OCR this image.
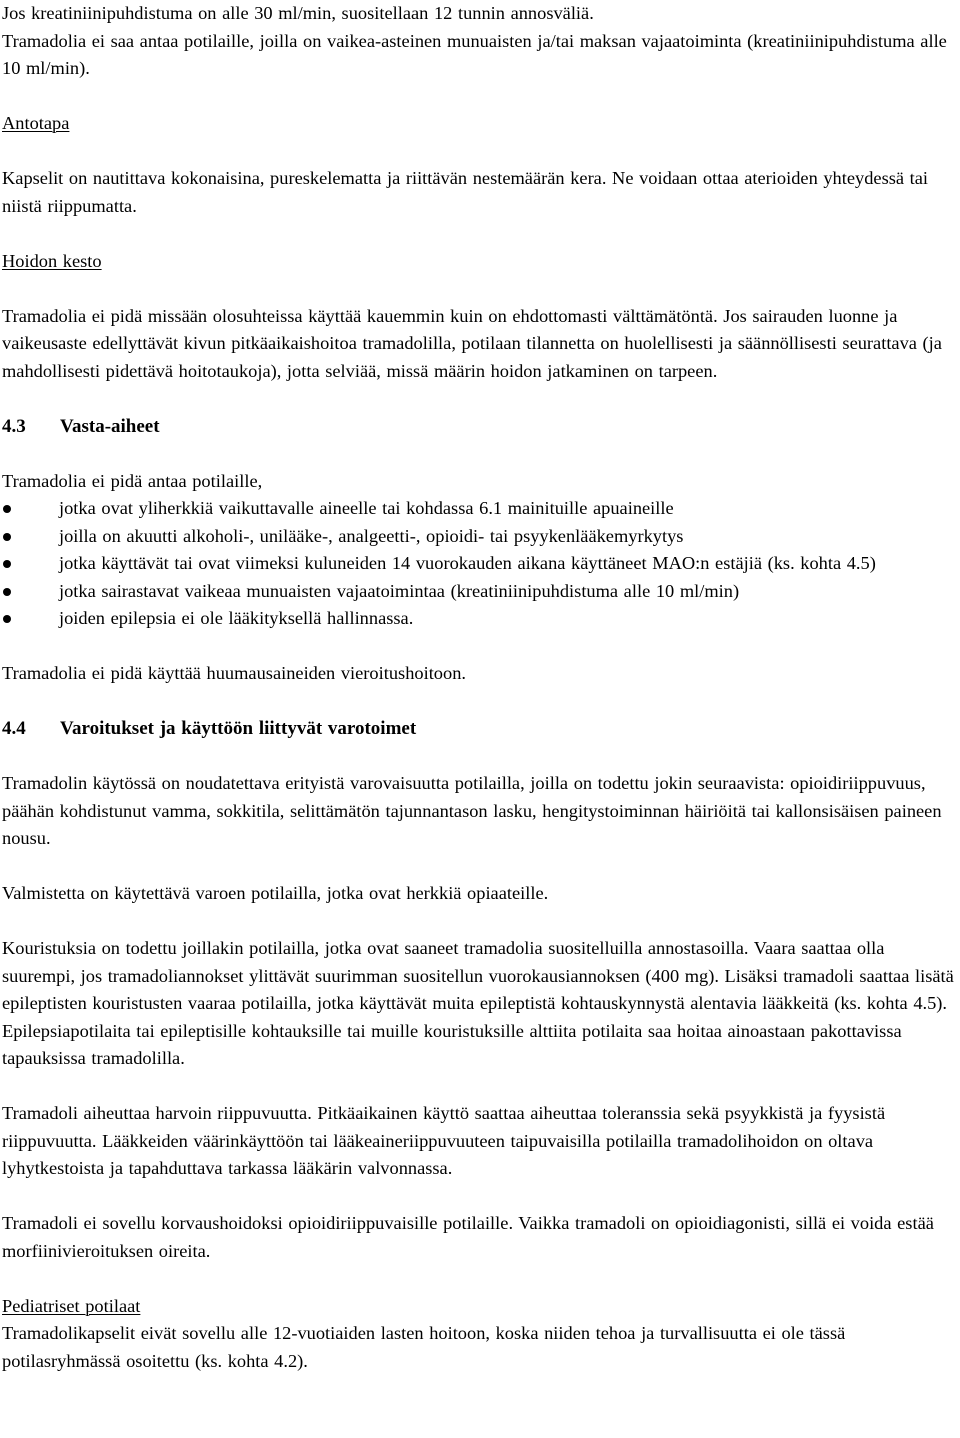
Jos kreatiniinipuhdistuma on alle 30 ml/min, suositellaan 12 tunnin annosväliä.

Tramadolia ei saa antaa potilaille, joilla on vaikea-asteinen munuaisten ja/tai maksan vajaatoiminta (kreatiniinipuhdistuma alle 10 ml/min).

Antotapa

Kapselit on nautittava kokonaisina, pureskelematta ja riittävän nestemäärän kera. Ne voidaan ottaa aterioiden yhteydessä tai niistä riippumatta.

Hoidon kesto

Tramadolia ei pidä missään olosuhteissa käyttää kauemmin kuin on ehdottomasti välttämätöntä. Jos sairauden luonne ja vaikeusaste edellyttävät kivun pitkäaikaishoitoa tramadolilla, potilaan tilannetta on huolellisesti ja säännöllisesti seurattava (ja mahdollisesti pidettävä hoitotaukoja), jotta selviää, missä määrin hoidon jatkaminen on tarpeen.

4.3	Vasta-aiheet

Tramadolia ei pidä antaa potilaille,

jotka ovat yliherkkiä vaikuttavalle aineelle tai kohdassa 6.1 mainituille apuaineille
joilla on akuutti alkoholi-, unilääke-, analgeetti-, opioidi- tai psyykenlääkemyrkytys
jotka käyttävät tai ovat viimeksi kuluneiden 14 vuorokauden aikana käyttäneet MAO:n estäjiä (ks. kohta 4.5)
jotka sairastavat vaikeaa munuaisten vajaatoimintaa (kreatiniinipuhdistuma alle 10 ml/min)
joiden epilepsia ei ole lääkityksellä hallinnassa.

Tramadolia ei pidä käyttää huumausaineiden vieroitushoitoon.

4.4	Varoitukset ja käyttöön liittyvät varotoimet

Tramadolin käytössä on noudatettava erityistä varovaisuutta potilailla, joilla on todettu jokin seuraavista: opioidiriippuvuus, päähän kohdistunut vamma, sokkitila, selittämätön tajunnantason lasku, hengitystoiminnan häiriöitä tai kallonsisäisen paineen nousu.

Valmistetta on käytettävä varoen potilailla, jotka ovat herkkiä opiaateille.

Kouristuksia on todettu joillakin potilailla, jotka ovat saaneet tramadolia suositelluilla annostasoilla. Vaara saattaa olla suurempi, jos tramadoliannokset ylittävät suurimman suositellun vuorokausiannoksen (400 mg). Lisäksi tramadoli saattaa lisätä epileptisten kouristusten vaaraa potilailla, jotka käyttävät muita epileptistä kohtauskynnystä alentavia lääkkeitä (ks. kohta 4.5). Epilepsiapotilaita tai epileptisille kohtauksille tai muille kouristuksille alttiita potilaita saa hoitaa ainoastaan pakottavissa tapauksissa tramadolilla.

Tramadoli aiheuttaa harvoin riippuvuutta. Pitkäaikainen käyttö saattaa aiheuttaa toleranssia sekä psyykkistä ja fyysistä riippuvuutta. Lääkkeiden väärinkäyttöön tai lääkeaineriippuvuuteen taipuvaisilla potilailla tramadolihoidon on oltava lyhytkestoista ja tapahduttava tarkassa lääkärin valvonnassa.

Tramadoli ei sovellu korvaushoidoksi opioidiriippuvaisille potilaille. Vaikka tramadoli on opioidiagonisti, sillä ei voida estää morfiinivieroituksen oireita.

Pediatriset potilaat

Tramadolikapselit eivät sovellu alle 12-vuotiaiden lasten hoitoon, koska niiden tehoa ja turvallisuutta ei ole tässä potilasryhmässä osoitettu (ks. kohta 4.2).
